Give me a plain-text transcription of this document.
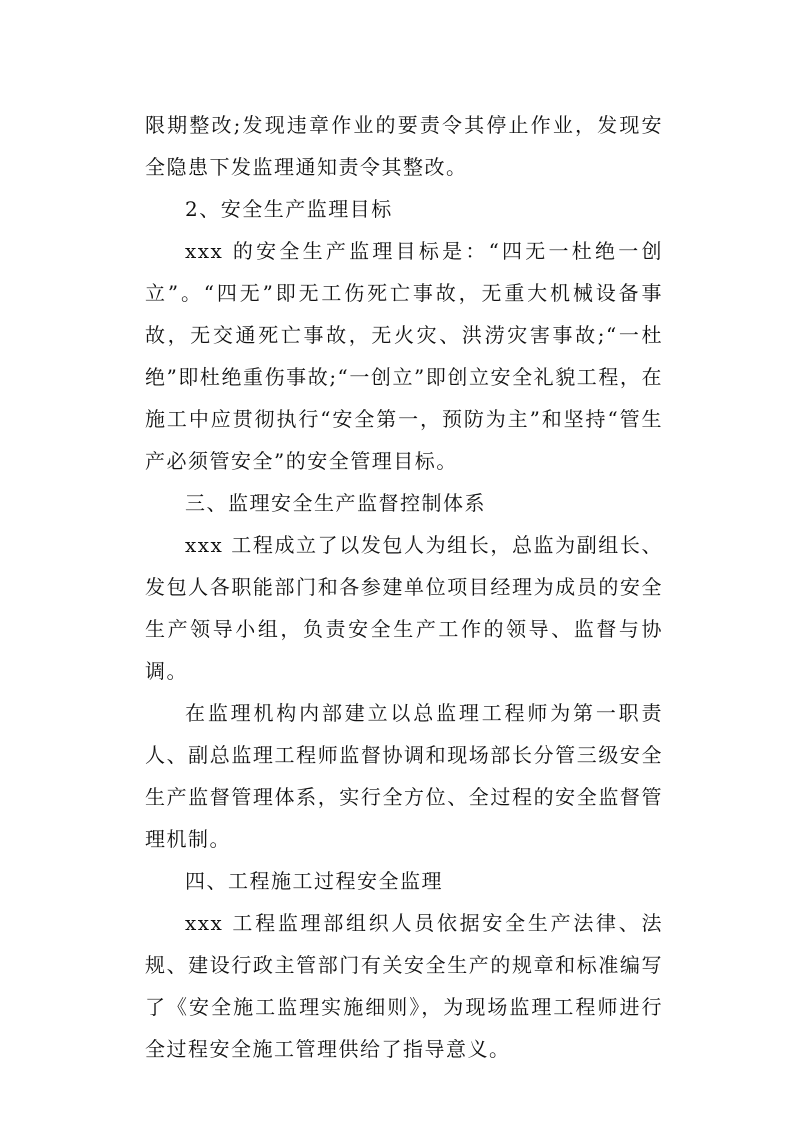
限期整改;发现违章作业的要责令其停止作业，发现安全隐患下发监理通知责令其整改。

2、安全生产监理目标

xxx 的安全生产监理目标是：“四无一杜绝一创立”。“四无”即无工伤死亡事故，无重大机械设备事故，无交通死亡事故，无火灾、洪涝灾害事故;“一杜绝”即杜绝重伤事故;“一创立”即创立安全礼貌工程，在施工中应贯彻执行“安全第一，预防为主”和坚持“管生产必须管安全”的安全管理目标。

三、监理安全生产监督控制体系

xxx 工程成立了以发包人为组长，总监为副组长、发包人各职能部门和各参建单位项目经理为成员的安全生产领导小组，负责安全生产工作的领导、监督与协调。

在监理机构内部建立以总监理工程师为第一职责人、副总监理工程师监督协调和现场部长分管三级安全生产监督管理体系，实行全方位、全过程的安全监督管理机制。

四、工程施工过程安全监理

xxx 工程监理部组织人员依据安全生产法律、法规、建设行政主管部门有关安全生产的规章和标准编写了《安全施工监理实施细则》，为现场监理工程师进行全过程安全施工管理供给了指导意义。
